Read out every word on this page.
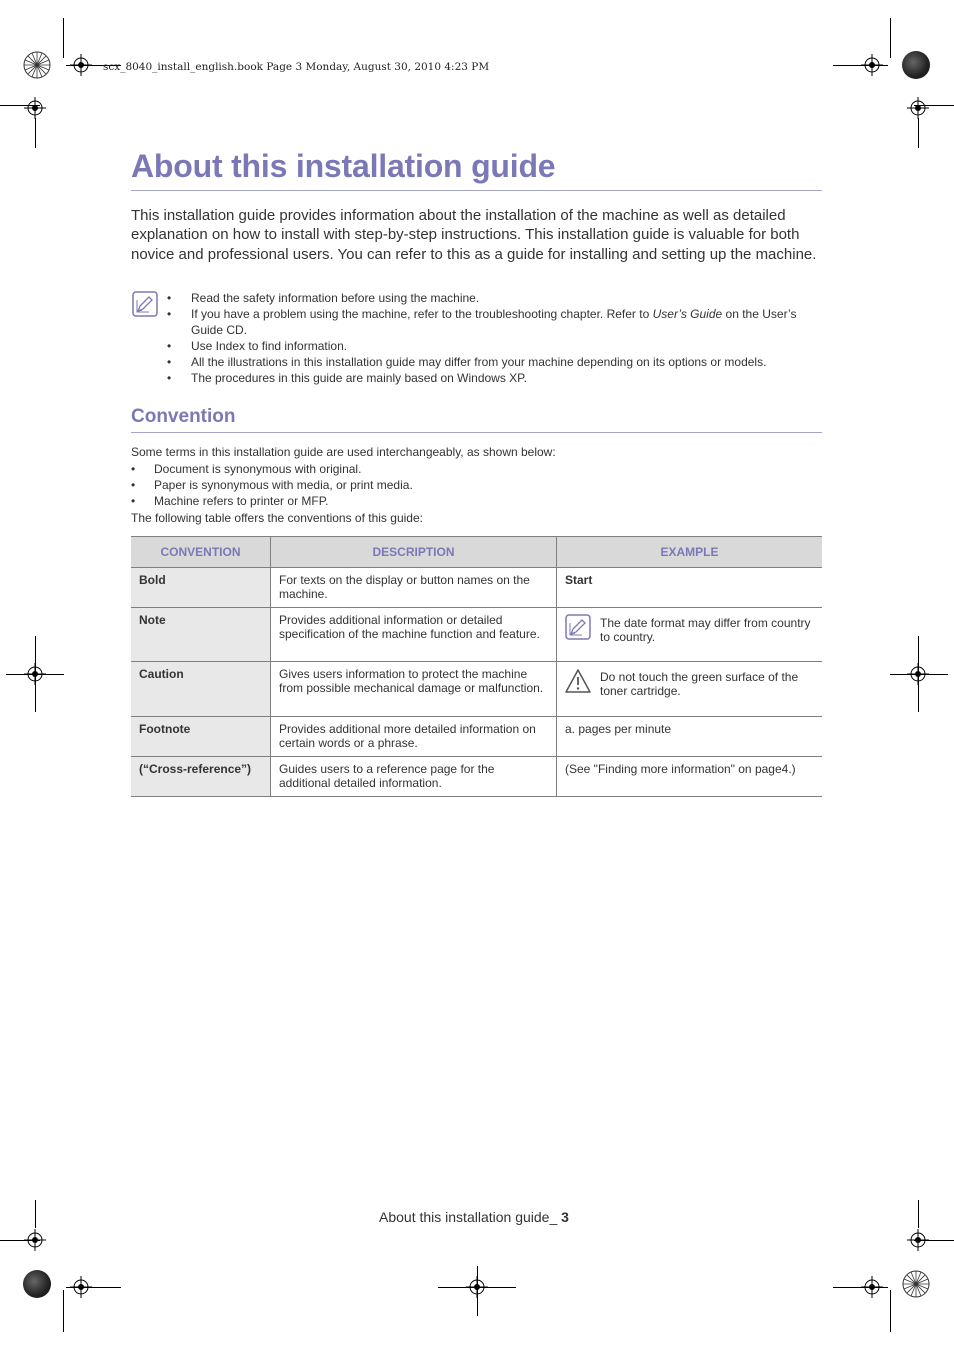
scx_8040_install_english.book Page 3 Monday, August 30, 2010 4:23 PM
About this installation guide

This installation guide provides information about the installation of the machine as well as detailed explanation on how to install with step-by-step instructions. This installation guide is valuable for both novice and professional users. You can refer to this as a guide for installing and setting up the machine.

• Read the safety information before using the machine.
• If you have a problem using the machine, refer to the troubleshooting chapter. Refer to User’s Guide on the User’s Guide CD.
• Use Index to find information.
• All the illustrations in this installation guide may differ from your machine depending on its options or models.
• The procedures in this guide are mainly based on Windows XP.
Convention

Some terms in this installation guide are used interchangeably, as shown below:

• Document is synonymous with original.
• Paper is synonymous with media, or print media.
• Machine refers to printer or MFP.

The following table offers the conventions of this guide:

CONVENTION	DESCRIPTION	EXAMPLE
Bold	For texts on the display or button names on the machine.	Start
Note	Provides additional information or detailed specification of the machine function and feature.	The date format may differ from country to country.

Caution	Gives users information to protect the machine from possible mechanical damage or malfunction.	Do not touch the green surface of the toner cartridge.

Footnote	Provides additional more detailed information on certain words or a phrase.	a. pages per minute
(“Cross-reference”)	Guides users to a reference page for the additional detailed information.	(See "Finding more information" on page4.)
About this installation guide_ 3
